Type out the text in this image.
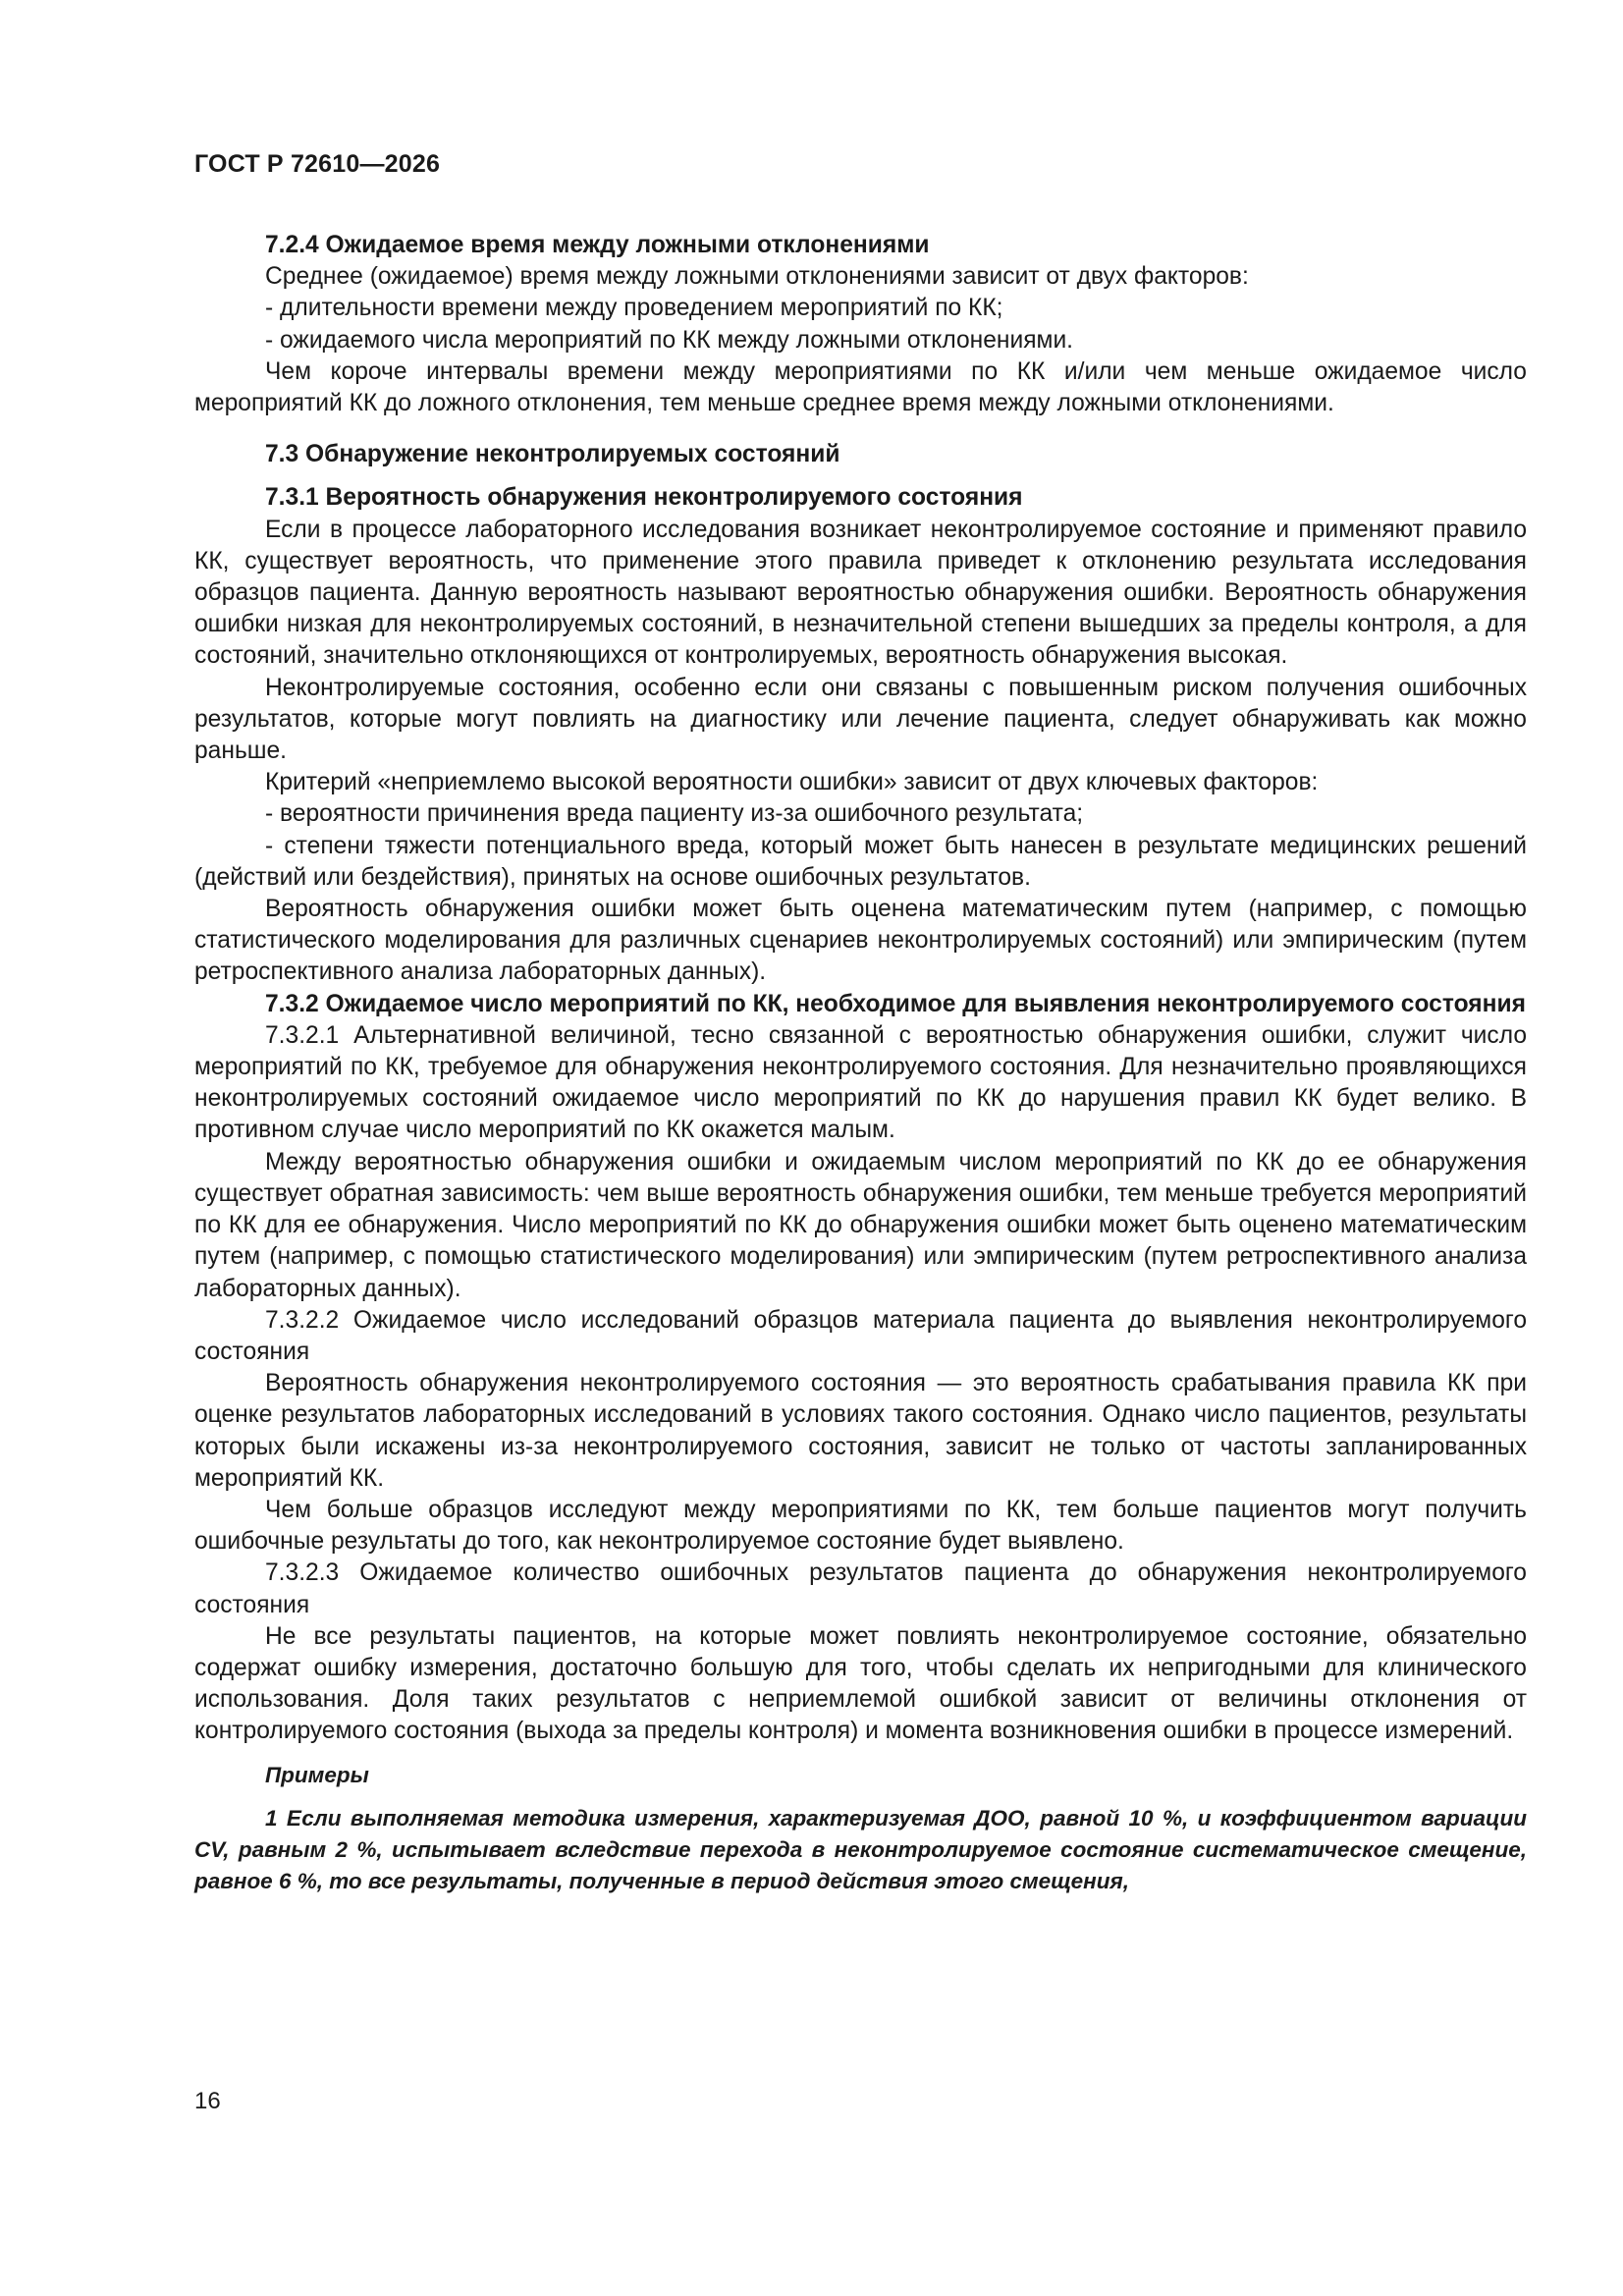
ГОСТ Р 72610—2026

7.2.4 Ожидаемое время между ложными отклонениями

Среднее (ожидаемое) время между ложными отклонениями зависит от двух факторов:

- длительности времени между проведением мероприятий по КК;

- ожидаемого числа мероприятий по КК между ложными отклонениями.

Чем короче интервалы времени между мероприятиями по КК и/или чем меньше ожидаемое число мероприятий КК до ложного отклонения, тем меньше среднее время между ложными отклонениями.

7.3 Обнаружение неконтролируемых состояний

7.3.1 Вероятность обнаружения неконтролируемого состояния

Если в процессе лабораторного исследования возникает неконтролируемое состояние и применяют правило КК, существует вероятность, что применение этого правила приведет к отклонению результата исследования образцов пациента. Данную вероятность называют вероятностью обнаружения ошибки. Вероятность обнаружения ошибки низкая для неконтролируемых состояний, в незначительной степени вышедших за пределы контроля, а для состояний, значительно отклоняющихся от контролируемых, вероятность обнаружения высокая.

Неконтролируемые состояния, особенно если они связаны с повышенным риском получения ошибочных результатов, которые могут повлиять на диагностику или лечение пациента, следует обнаруживать как можно раньше.

Критерий «неприемлемо высокой вероятности ошибки» зависит от двух ключевых факторов:

- вероятности причинения вреда пациенту из-за ошибочного результата;

- степени тяжести потенциального вреда, который может быть нанесен в результате медицинских решений (действий или бездействия), принятых на основе ошибочных результатов.

Вероятность обнаружения ошибки может быть оценена математическим путем (например, с помощью статистического моделирования для различных сценариев неконтролируемых состояний) или эмпирическим (путем ретроспективного анализа лабораторных данных).

7.3.2 Ожидаемое число мероприятий по КК, необходимое для выявления неконтролируемого состояния

7.3.2.1 Альтернативной величиной, тесно связанной с вероятностью обнаружения ошибки, служит число мероприятий по КК, требуемое для обнаружения неконтролируемого состояния. Для незначительно проявляющихся неконтролируемых состояний ожидаемое число мероприятий по КК до нарушения правил КК будет велико. В противном случае число мероприятий по КК окажется малым.

Между вероятностью обнаружения ошибки и ожидаемым числом мероприятий по КК до ее обнаружения существует обратная зависимость: чем выше вероятность обнаружения ошибки, тем меньше требуется мероприятий по КК для ее обнаружения. Число мероприятий по КК до обнаружения ошибки может быть оценено математическим путем (например, с помощью статистического моделирования) или эмпирическим (путем ретроспективного анализа лабораторных данных).

7.3.2.2 Ожидаемое число исследований образцов материала пациента до выявления неконтролируемого состояния

Вероятность обнаружения неконтролируемого состояния — это вероятность срабатывания правила КК при оценке результатов лабораторных исследований в условиях такого состояния. Однако число пациентов, результаты которых были искажены из-за неконтролируемого состояния, зависит не только от частоты запланированных мероприятий КК.

Чем больше образцов исследуют между мероприятиями по КК, тем больше пациентов могут получить ошибочные результаты до того, как неконтролируемое состояние будет выявлено.

7.3.2.3 Ожидаемое количество ошибочных результатов пациента до обнаружения неконтролируемого состояния

Не все результаты пациентов, на которые может повлиять неконтролируемое состояние, обязательно содержат ошибку измерения, достаточно большую для того, чтобы сделать их непригодными для клинического использования. Доля таких результатов с неприемлемой ошибкой зависит от величины отклонения от контролируемого состояния (выхода за пределы контроля) и момента возникновения ошибки в процессе измерений.

Примеры

1 Если выполняемая методика измерения, характеризуемая ДОО, равной 10 %, и коэффициентом вариации CV, равным 2 %, испытывает вследствие перехода в неконтролируемое состояние систематическое смещение, равное 6 %, то все результаты, полученные в период действия этого смещения,

16
